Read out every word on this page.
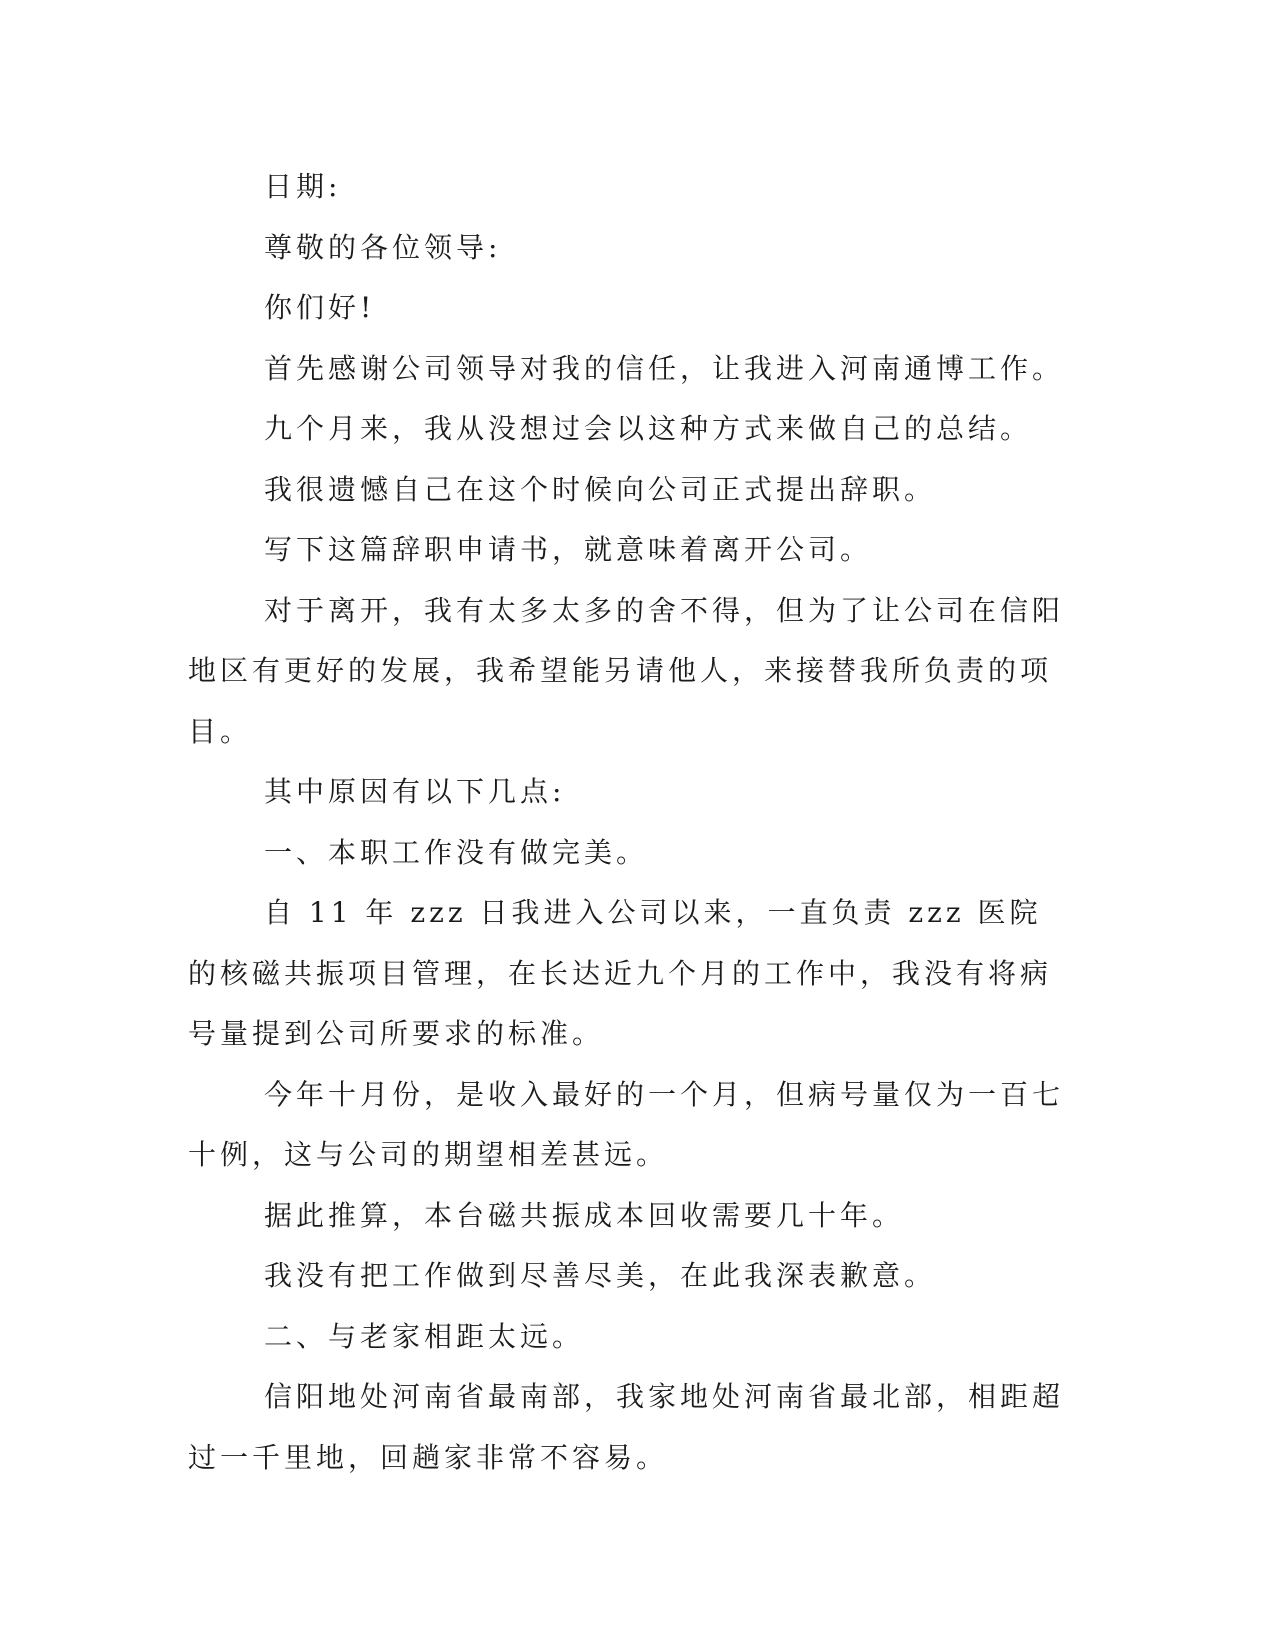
日期:

尊敬的各位领导:

你们好!

首先感谢公司领导对我的信任，让我进入河南通博工作。

九个月来，我从没想过会以这种方式来做自己的总结。

我很遗憾自己在这个时候向公司正式提出辞职。

写下这篇辞职申请书，就意味着离开公司。

对于离开，我有太多太多的舍不得，但为了让公司在信阳地区有更好的发展，我希望能另请他人，来接替我所负责的项目。

其中原因有以下几点:

一、本职工作没有做完美。

自 11 年 zzz 日我进入公司以来，一直负责 zzz 医院的核磁共振项目管理，在长达近九个月的工作中，我没有将病号量提到公司所要求的标准。

今年十月份，是收入最好的一个月，但病号量仅为一百七十例，这与公司的期望相差甚远。

据此推算，本台磁共振成本回收需要几十年。

我没有把工作做到尽善尽美，在此我深表歉意。

二、与老家相距太远。

信阳地处河南省最南部，我家地处河南省最北部，相距超过一千里地，回趟家非常不容易。
